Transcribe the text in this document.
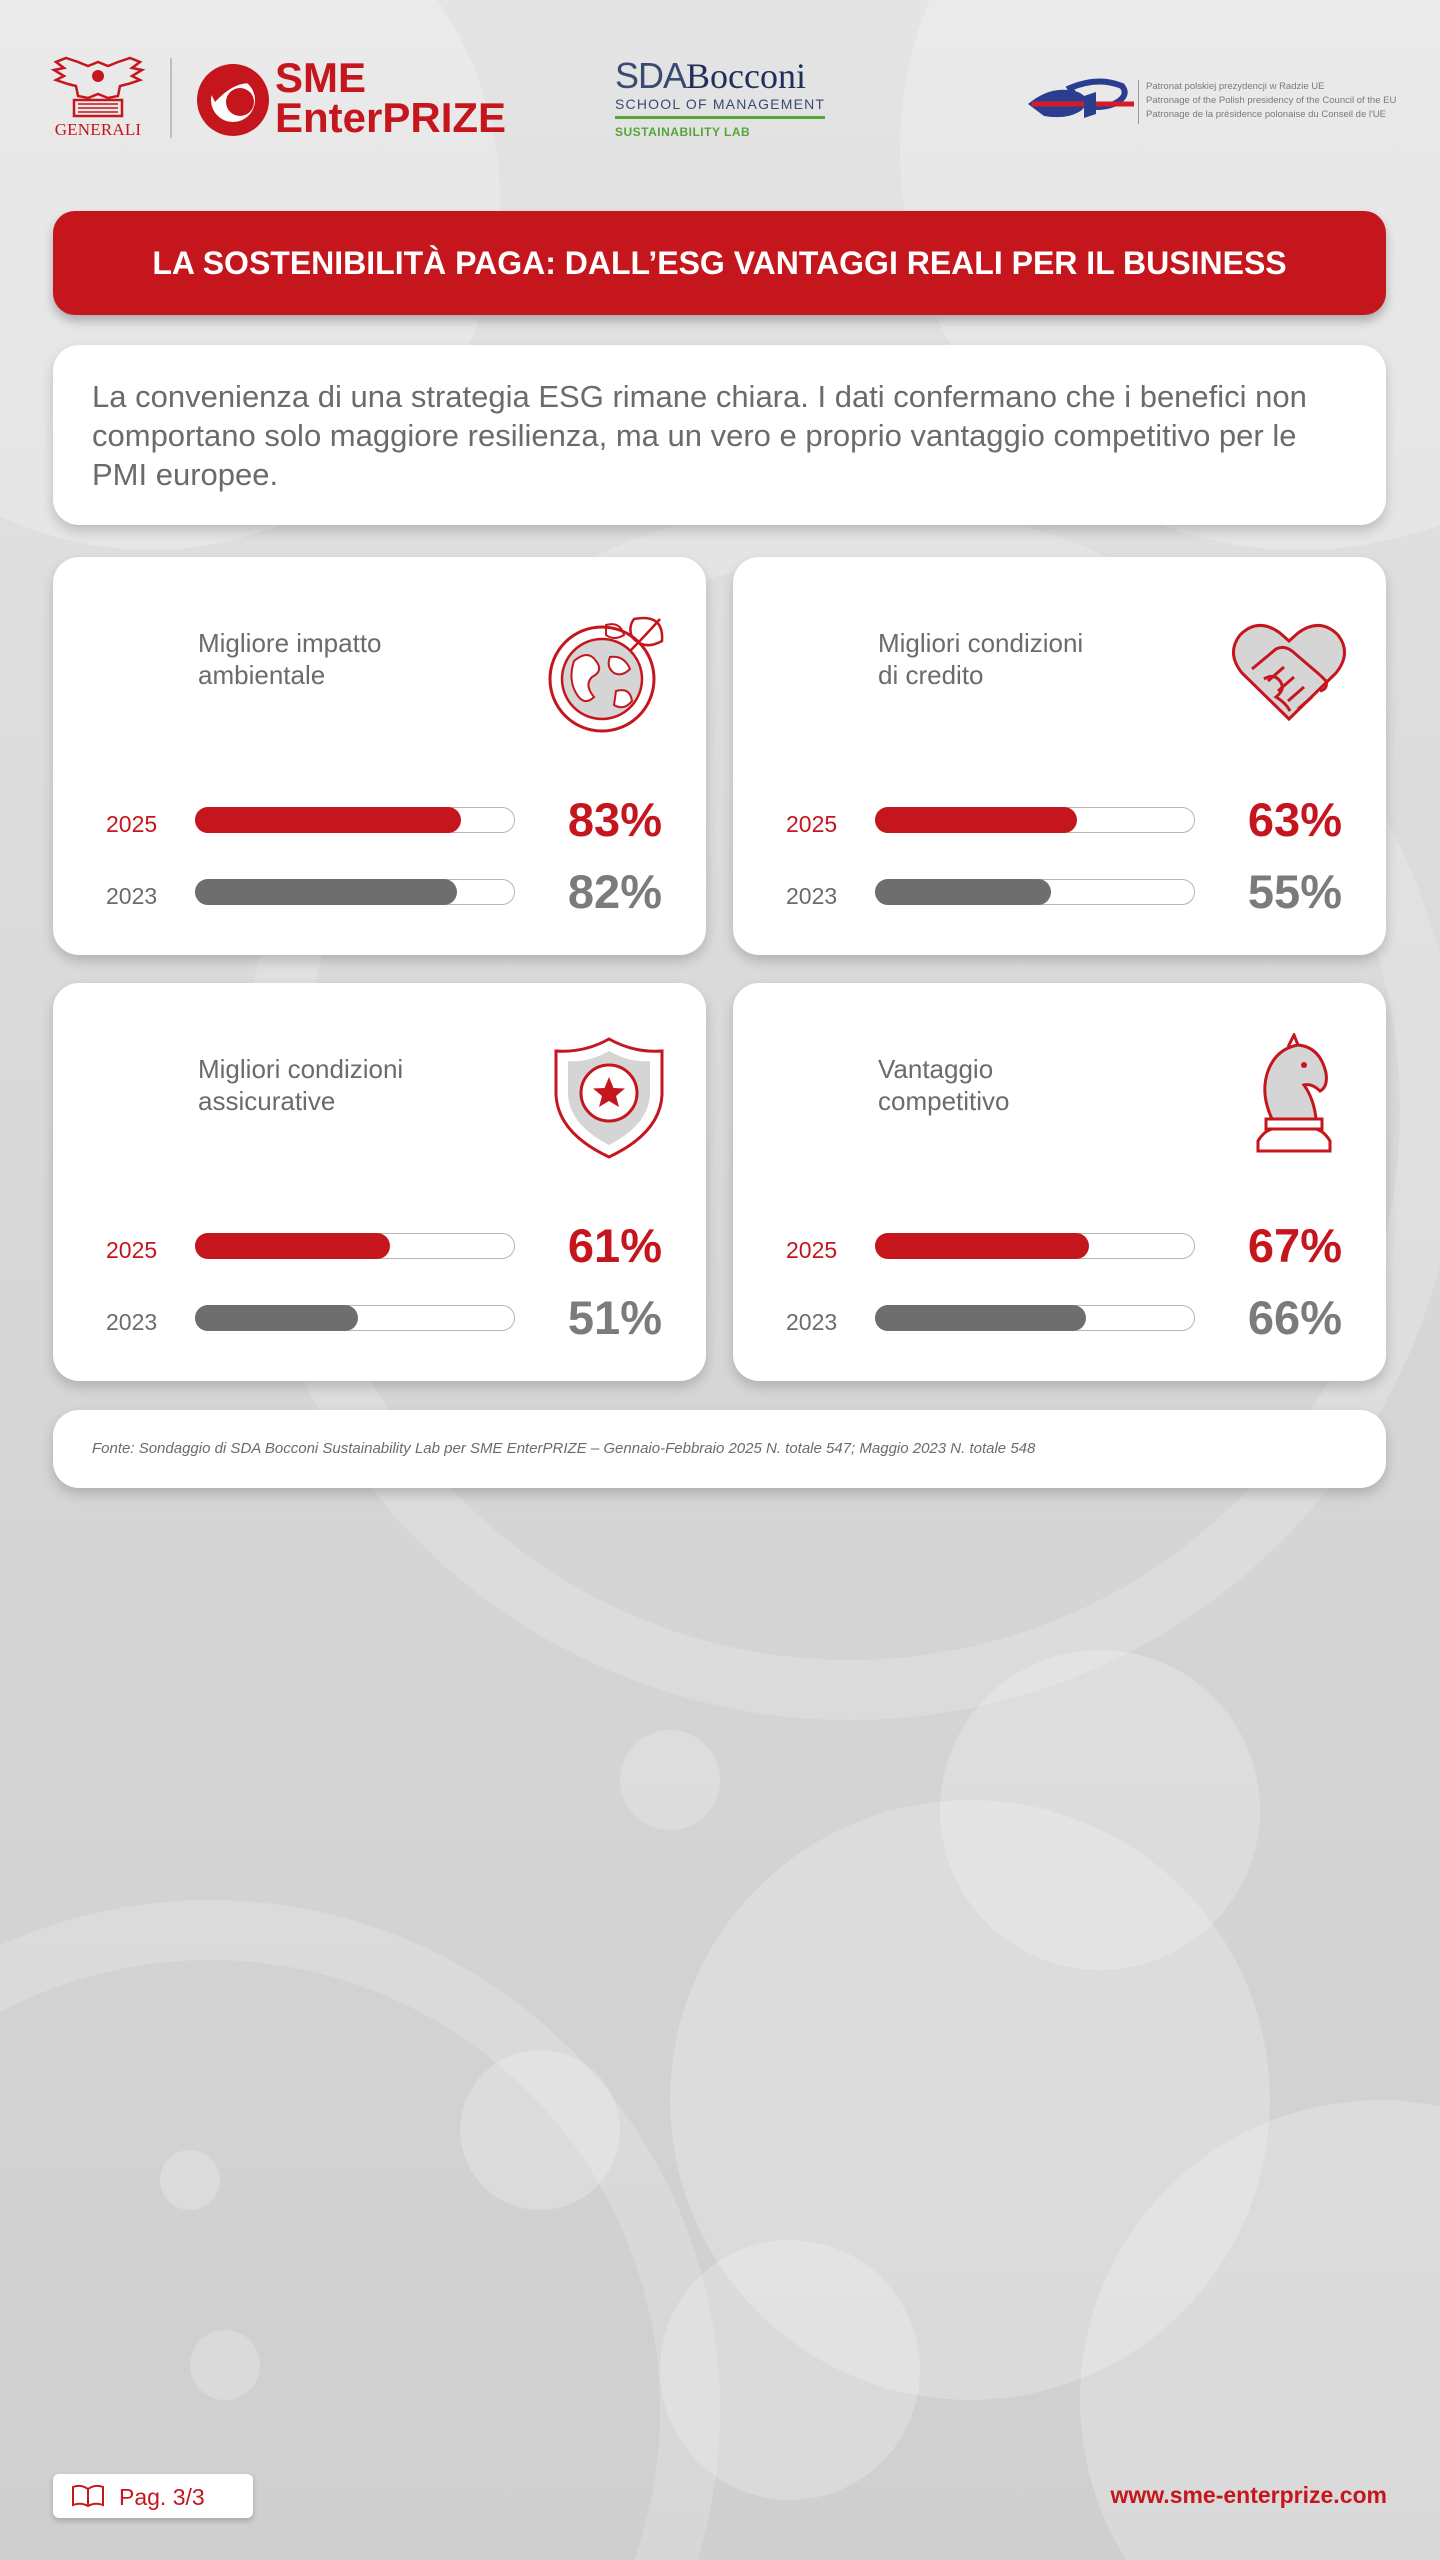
GENERALI
SME
EnterPRIZE
SDABocconi
SCHOOL OF MANAGEMENT
SUSTAINABILITY LAB
Patronat polskiej prezydencji w Radzie UE
Patronage of the Polish presidency of the Council of the EU
Patronage de la présidence polonaise du Conseil de l'UE
LA SOSTENIBILITÀ PAGA: DALL’ESG VANTAGGI REALI PER IL BUSINESS

La convenienza di una strategia ESG rimane chiara. I dati confermano che i benefici non comportano solo maggiore resilienza, ma un vero e proprio vantaggio competitivo per le PMI europee.

Migliore impatto
ambientale
2025	83%
2023	82%
Migliori condizioni
di credito
2025	63%
2023	55%
Migliori condizioni
assicurative
2025	61%
2023	51%
Vantaggio
competitivo
2025	67%
2023	66%

Fonte: Sondaggio di SDA Bocconi Sustainability Lab per SME EnterPRIZE – Gennaio-Febbraio 2025 N. totale 547; Maggio 2023 N. totale 548

Pag. 3/3	www.sme-enterprize.com
